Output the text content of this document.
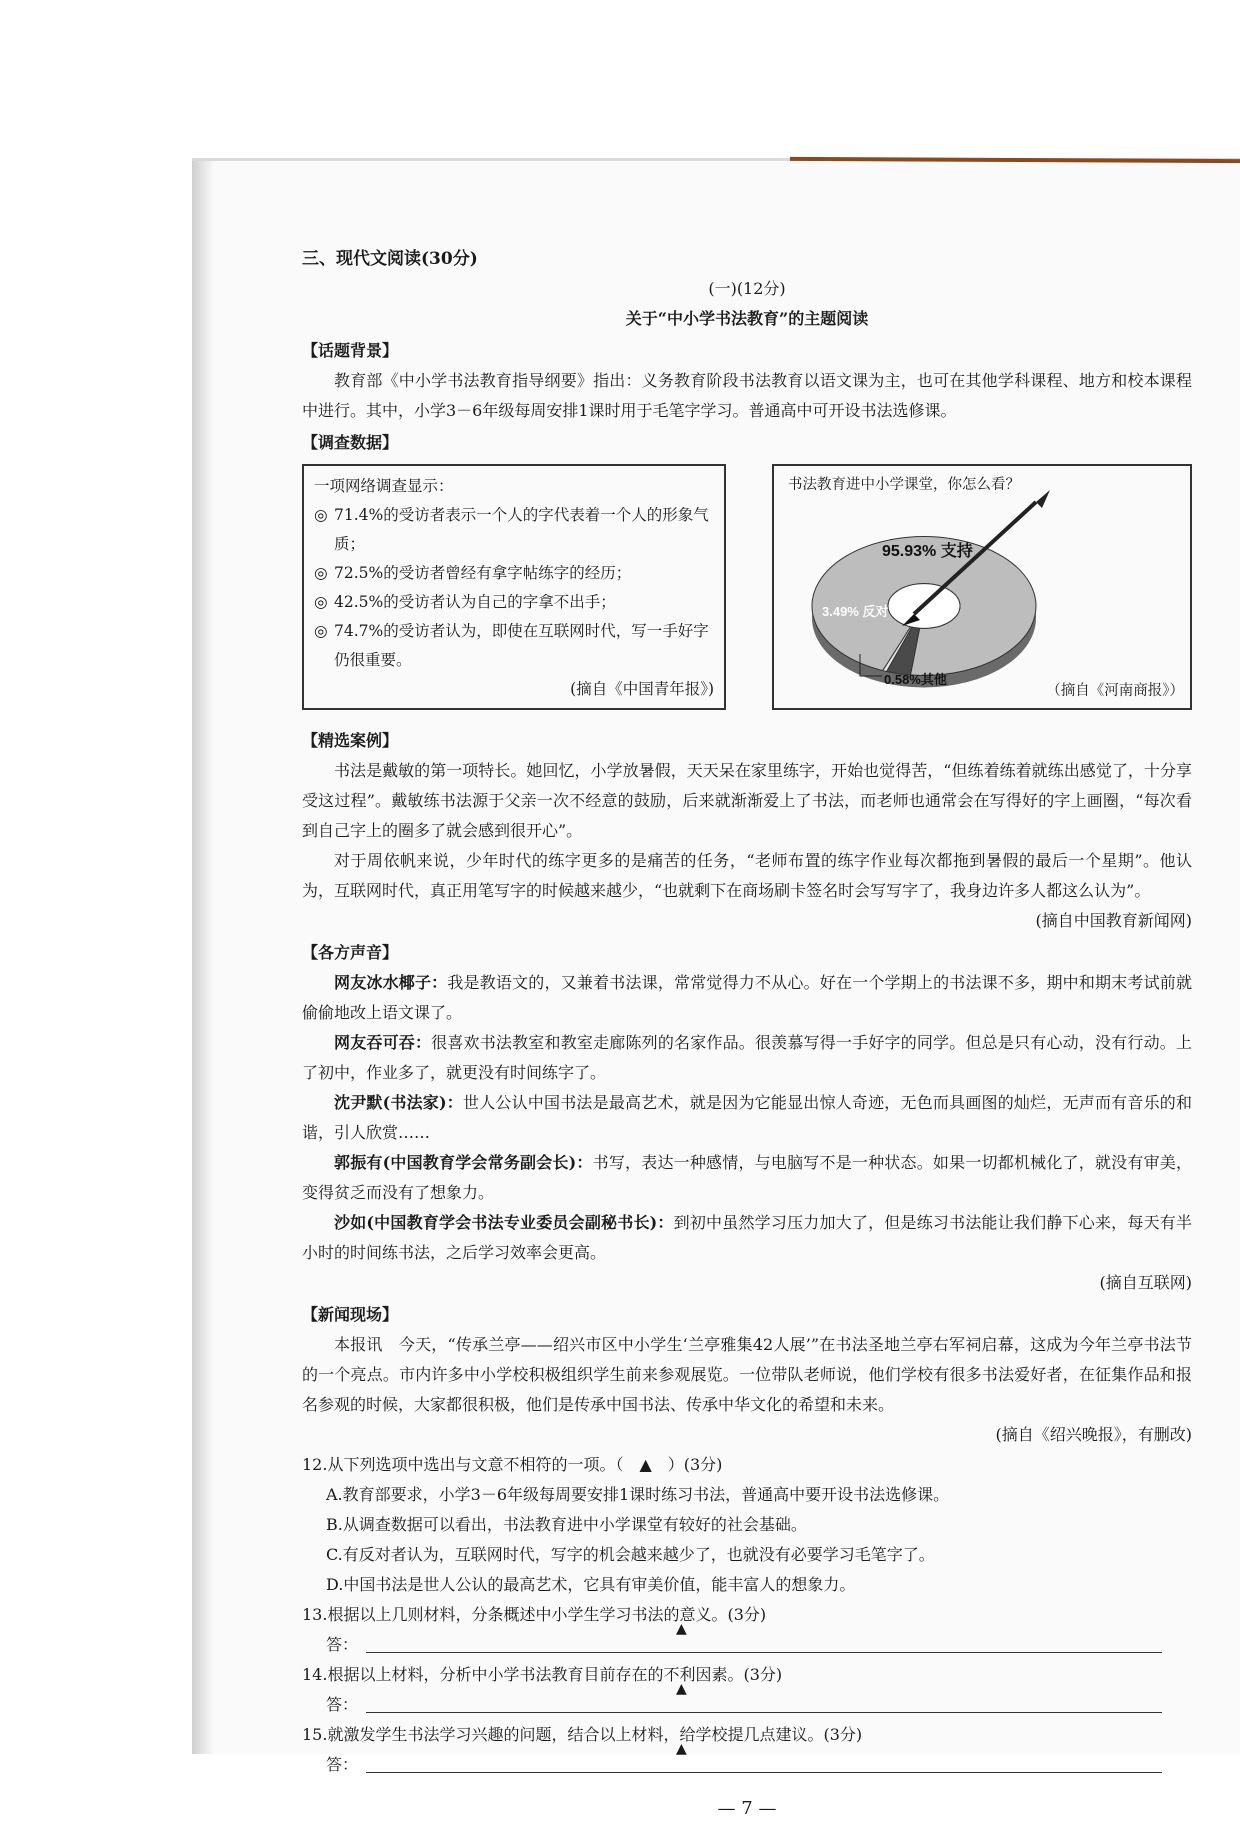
三、现代文阅读(30分)

(一)(12分)
关于“中小学书法教育”的主题阅读
【话题背景】

教育部《中小学书法教育指导纲要》指出：义务教育阶段书法教育以语文课为主，也可在其他学科课程、地方和校本课程中进行。其中，小学3－6年级每周安排1课时用于毛笔字学习。普通高中可开设书法选修课。

【调查数据】
一项网络调查显示：
◎ 71.4%的受访者表示一个人的字代表着一个人的形象气质；
◎ 72.5%的受访者曾经有拿字帖练字的经历；
◎ 42.5%的受访者认为自己的字拿不出手；
◎ 74.7%的受访者认为，即使在互联网时代，写一手好字仍很重要。
(摘自《中国青年报》)
95.93% 支持
3.49% 反对
0.58%其他
书法教育进中小学课堂，你怎么看？
（摘自《河南商报》）
【精选案例】

书法是戴敏的第一项特长。她回忆，小学放暑假，天天呆在家里练字，开始也觉得苦，“但练着练着就练出感觉了，十分享受这过程”。戴敏练书法源于父亲一次不经意的鼓励，后来就渐渐爱上了书法，而老师也通常会在写得好的字上画圈，“每次看到自己字上的圈多了就会感到很开心”。

对于周依帆来说，少年时代的练字更多的是痛苦的任务，“老师布置的练字作业每次都拖到暑假的最后一个星期”。他认为，互联网时代，真正用笔写字的时候越来越少，“也就剩下在商场刷卡签名时会写写字了，我身边许多人都这么认为”。

(摘自中国教育新闻网)

【各方声音】

网友冰水椰子：我是教语文的，又兼着书法课，常常觉得力不从心。好在一个学期上的书法课不多，期中和期末考试前就偷偷地改上语文课了。

网友吞可吞：很喜欢书法教室和教室走廊陈列的名家作品。很羡慕写得一手好字的同学。但总是只有心动，没有行动。上了初中，作业多了，就更没有时间练字了。

沈尹默(书法家)：世人公认中国书法是最高艺术，就是因为它能显出惊人奇迹，无色而具画图的灿烂，无声而有音乐的和谐，引人欣赏……

郭振有(中国教育学会常务副会长)：书写，表达一种感情，与电脑写不是一种状态。如果一切都机械化了，就没有审美，变得贫乏而没有了想象力。

沙如(中国教育学会书法专业委员会副秘书长)：到初中虽然学习压力加大了，但是练习书法能让我们静下心来，每天有半小时的时间练书法，之后学习效率会更高。

(摘自互联网)

【新闻现场】

本报讯　今天，“传承兰亭——绍兴市区中小学生‘兰亭雅集42人展’”在书法圣地兰亭右军祠启幕，这成为今年兰亭书法节的一个亮点。市内许多中小学校积极组织学生前来参观展览。一位带队老师说，他们学校有很多书法爱好者，在征集作品和报名参观的时候，大家都很积极，他们是传承中国书法、传承中华文化的希望和未来。

(摘自《绍兴晚报》，有删改)

12.从下列选项中选出与文意不相符的一项。（　▲　）(3分)

A.教育部要求，小学3－6年级每周要安排1课时练习书法，普通高中要开设书法选修课。

B.从调查数据可以看出，书法教育进中小学课堂有较好的社会基础。

C.有反对者认为，互联网时代，写字的机会越来越少了，也就没有必要学习毛笔字了。

D.中国书法是世人公认的最高艺术，它具有审美价值，能丰富人的想象力。

13.根据以上几则材料，分条概述中小学生学习书法的意义。(3分)

答：
▲

14.根据以上材料，分析中小学书法教育目前存在的不利因素。(3分)

答：
▲

15.就激发学生书法学习兴趣的问题，结合以上材料，给学校提几点建议。(3分)

答：
▲
— 7 —
